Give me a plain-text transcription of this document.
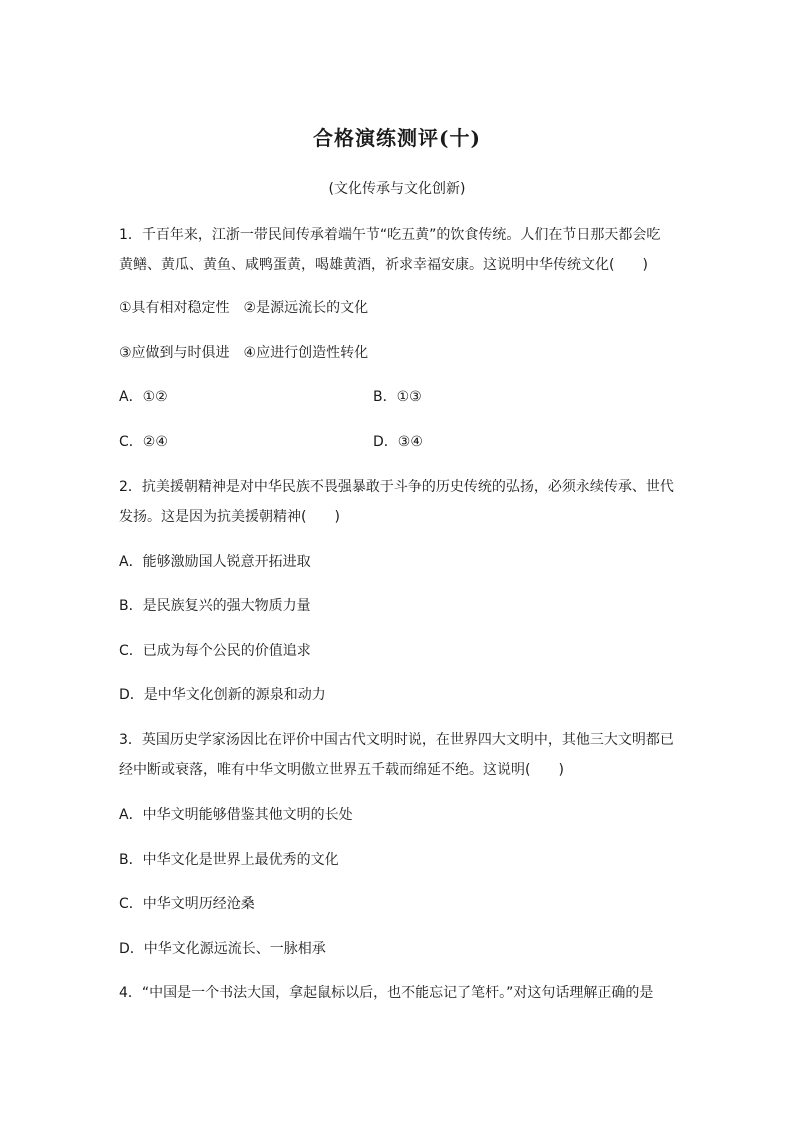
合格演练测评(十)
(文化传承与文化创新)
1．千百年来，江浙一带民间传承着端午节“吃五黄”的饮食传统。人们在节日那天都会吃
黄鳝、黄瓜、黄鱼、咸鸭蛋黄，喝雄黄酒，祈求幸福安康。这说明中华传统文化(　　)
①具有相对稳定性　②是源远流长的文化
③应做到与时俱进　④应进行创造性转化
A．①②	B．①③
C．②④	D．③④
2．抗美援朝精神是对中华民族不畏强暴敢于斗争的历史传统的弘扬，必须永续传承、世代
发扬。这是因为抗美援朝精神(　　)
A．能够激励国人锐意开拓进取
B．是民族复兴的强大物质力量
C．已成为每个公民的价值追求
D．是中华文化创新的源泉和动力
3．英国历史学家汤因比在评价中国古代文明时说，在世界四大文明中，其他三大文明都已
经中断或衰落，唯有中华文明傲立世界五千载而绵延不绝。这说明(　　)
A．中华文明能够借鉴其他文明的长处
B．中华文化是世界上最优秀的文化
C．中华文明历经沧桑
D．中华文化源远流长、一脉相承
4．“中国是一个书法大国，拿起鼠标以后，也不能忘记了笔杆。”对这句话理解正确的是
